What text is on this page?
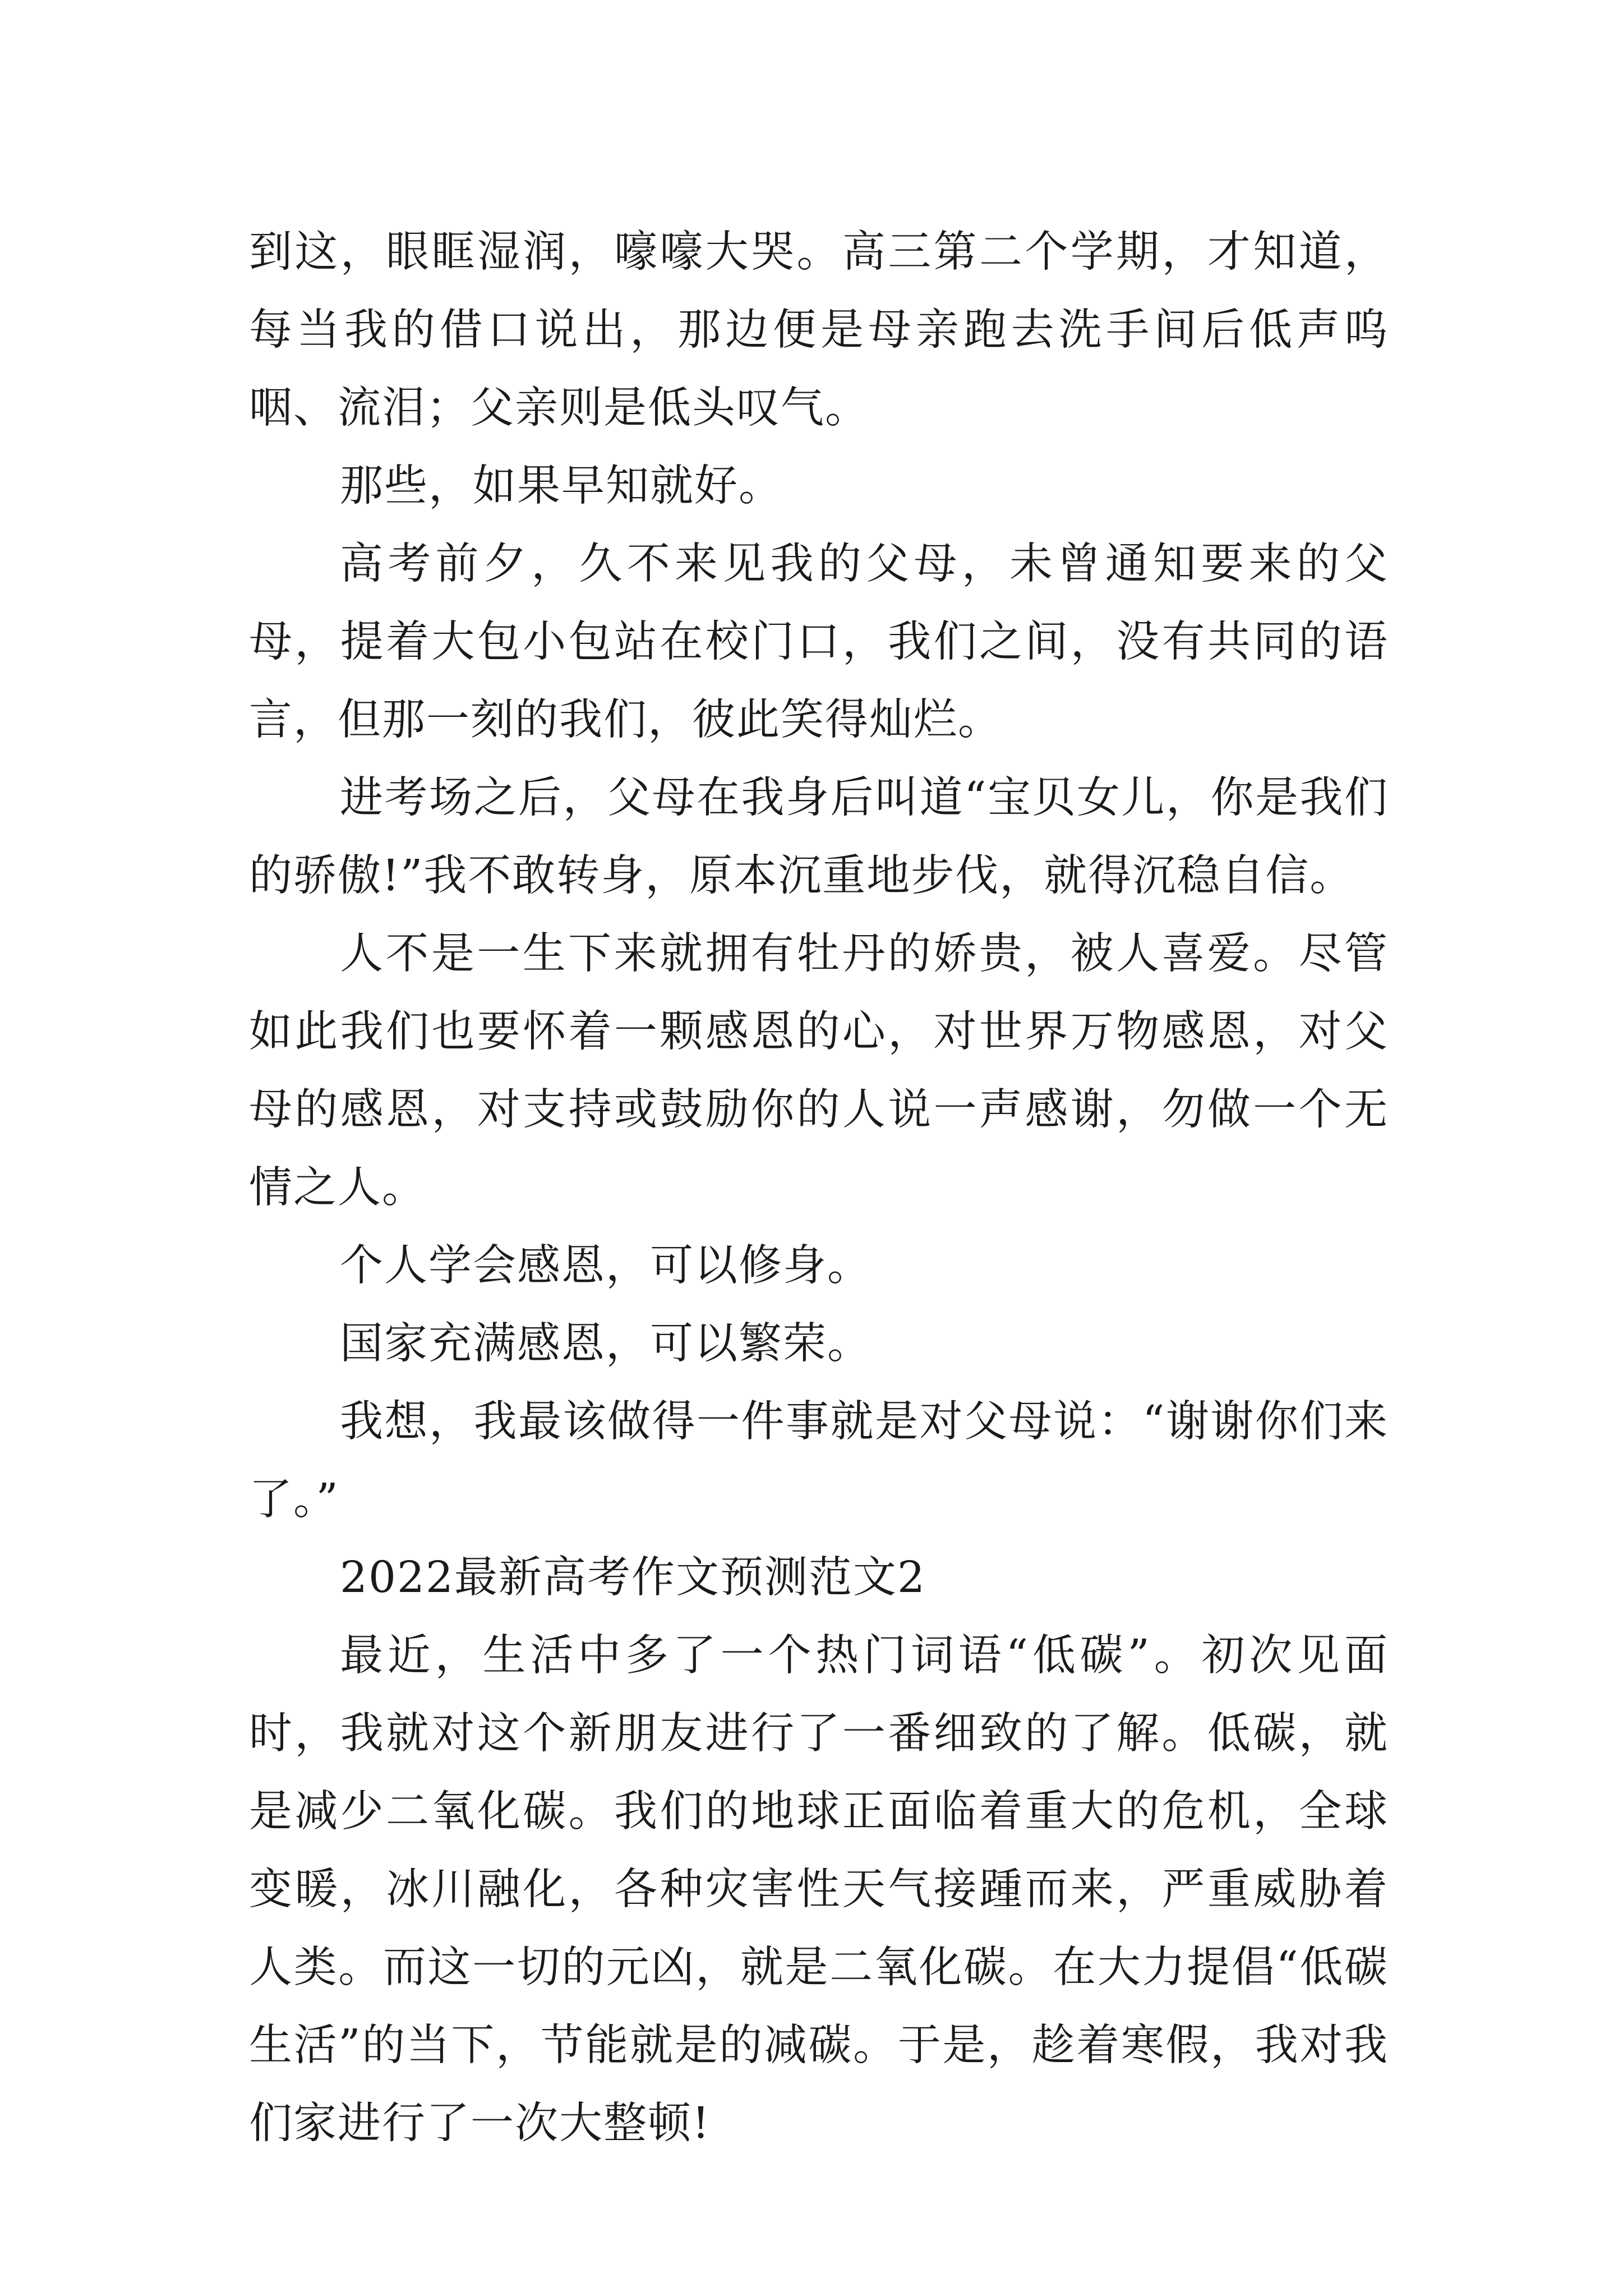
到这，眼眶湿润，嚎嚎大哭。高三第二个学期，才知道，每当我的借口说出，那边便是母亲跑去洗手间后低声呜咽、流泪；父亲则是低头叹气。

那些，如果早知就好。

高考前夕，久不来见我的父母，未曾通知要来的父母，提着大包小包站在校门口，我们之间，没有共同的语言，但那一刻的我们，彼此笑得灿烂。

进考场之后，父母在我身后叫道“宝贝女儿，你是我们的骄傲!”我不敢转身，原本沉重地步伐，就得沉稳自信。

人不是一生下来就拥有牡丹的娇贵，被人喜爱。尽管如此我们也要怀着一颗感恩的心，对世界万物感恩，对父母的感恩，对支持或鼓励你的人说一声感谢，勿做一个无情之人。

个人学会感恩，可以修身。

国家充满感恩，可以繁荣。

我想，我最该做得一件事就是对父母说：“谢谢你们来了。”

2022最新高考作文预测范文2

最近，生活中多了一个热门词语“低碳”。初次见面时，我就对这个新朋友进行了一番细致的了解。低碳，就是减少二氧化碳。我们的地球正面临着重大的危机，全球变暖，冰川融化，各种灾害性天气接踵而来，严重威胁着人类。而这一切的元凶，就是二氧化碳。在大力提倡“低碳生活”的当下，节能就是的减碳。于是，趁着寒假，我对我们家进行了一次大整顿!
